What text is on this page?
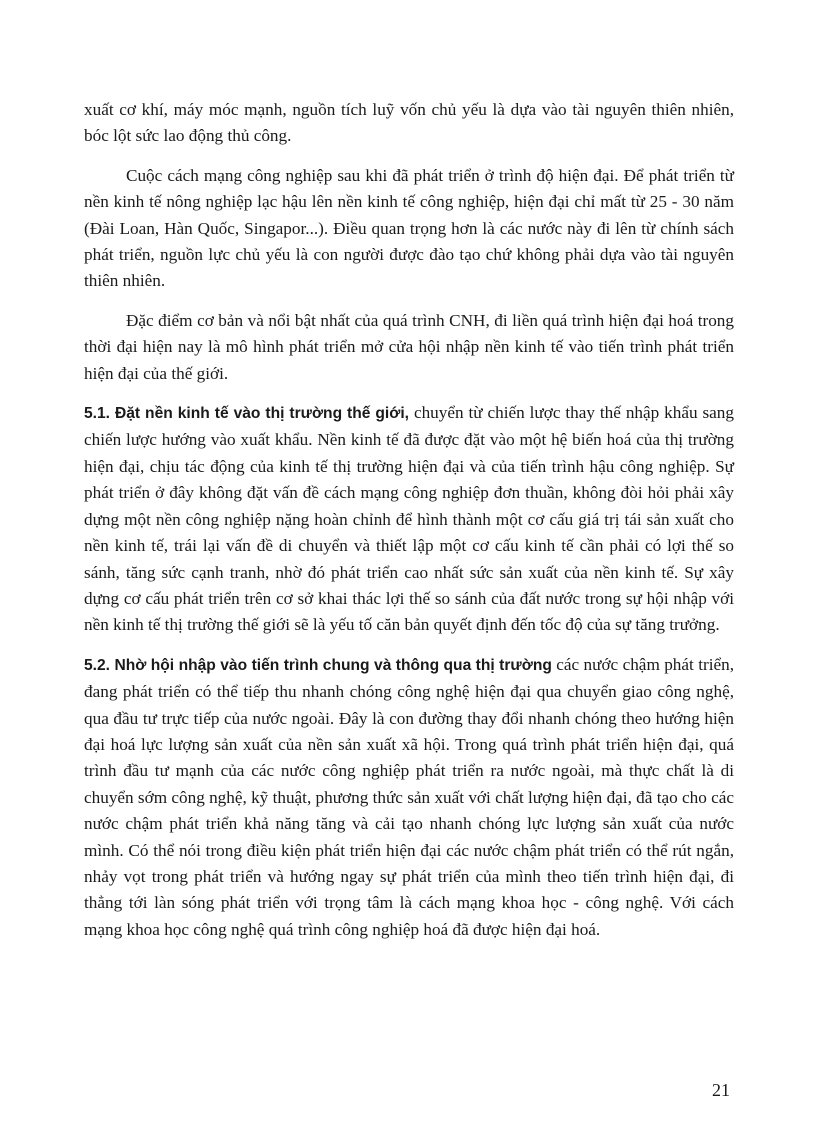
xuất cơ khí, máy móc mạnh, nguồn tích luỹ vốn chủ yếu là dựa vào tài nguyên thiên nhiên, bóc lột sức lao động thủ công.

Cuộc cách mạng công nghiệp sau khi đã phát triển ở trình độ hiện đại. Để phát triển từ nền kinh tế nông nghiệp lạc hậu lên nền kinh tế công nghiệp, hiện đại chỉ mất từ 25 - 30 năm (Đài Loan, Hàn Quốc, Singapor...). Điều quan trọng hơn là các nước này đi lên từ chính sách phát triển, nguồn lực chủ yếu là con người được đào tạo chứ không phải dựa vào tài nguyên thiên nhiên.

Đặc điểm cơ bản và nổi bật nhất của quá trình CNH, đi liền quá trình hiện đại hoá trong thời đại hiện nay là mô hình phát triển mở cửa hội nhập nền kinh tế vào tiến trình phát triển hiện đại của thế giới.

5.1. Đặt nền kinh tế vào thị trường thế giới, chuyển từ chiến lược thay thế nhập khẩu sang chiến lược hướng vào xuất khẩu. Nền kinh tế đã được đặt vào một hệ biến hoá của thị trường hiện đại, chịu tác động của kinh tế thị trường hiện đại và của tiến trình hậu công nghiệp. Sự phát triển ở đây không đặt vấn đề cách mạng công nghiệp đơn thuần, không đòi hỏi phải xây dựng một nền công nghiệp nặng hoàn chỉnh để hình thành một cơ cấu giá trị tái sản xuất cho nền kinh tế, trái lại vấn đề di chuyển và thiết lập một cơ cấu kinh tế cần phải có lợi thế so sánh, tăng sức cạnh tranh, nhờ đó phát triển cao nhất sức sản xuất của nền kinh tế. Sự xây dựng cơ cấu phát triển trên cơ sở khai thác lợi thế so sánh của đất nước trong sự hội nhập với nền kinh tế thị trường thế giới sẽ là yếu tố căn bản quyết định đến tốc độ của sự tăng trưởng.

5.2. Nhờ hội nhập vào tiến trình chung và thông qua thị trường các nước chậm phát triển, đang phát triển có thể tiếp thu nhanh chóng công nghệ hiện đại qua chuyển giao công nghệ, qua đầu tư trực tiếp của nước ngoài. Đây là con đường thay đổi nhanh chóng theo hướng hiện đại hoá lực lượng sản xuất của nền sản xuất xã hội. Trong quá trình phát triển hiện đại, quá trình đầu tư mạnh của các nước công nghiệp phát triển ra nước ngoài, mà thực chất là di chuyển sớm công nghệ, kỹ thuật, phương thức sản xuất với chất lượng hiện đại, đã tạo cho các nước chậm phát triển khả năng tăng và cải tạo nhanh chóng lực lượng sản xuất của nước mình. Có thể nói trong điều kiện phát triển hiện đại các nước chậm phát triển có thể rút ngắn, nhảy vọt trong phát triển và hướng ngay sự phát triển của mình theo tiến trình hiện đại, đi thẳng tới làn sóng phát triển với trọng tâm là cách mạng khoa học - công nghệ. Với cách mạng khoa học công nghệ quá trình công nghiệp hoá đã được hiện đại hoá.

21
